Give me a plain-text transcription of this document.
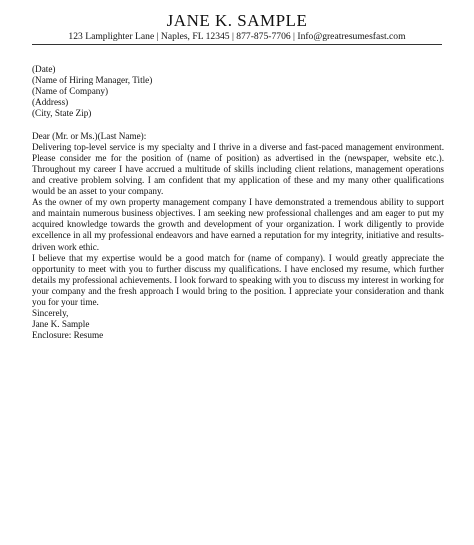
JANE K. SAMPLE
123 Lamplighter Lane | Naples, FL 12345 | 877-875-7706 | Info@greatresumesfast.com

(Date)

(Name of Hiring Manager, Title)

(Name of Company)

(Address)

(City, State Zip)

Dear (Mr. or Ms.)(Last Name):

Delivering top-level service is my specialty and I thrive in a diverse and fast-paced management environment. Please consider me for the position of (name of position) as advertised in the (newspaper, website etc.). Throughout my career I have accrued a multitude of skills including client relations, management operations and creative problem solving. I am confident that my application of these and my many other qualifications would be an asset to your company.

As the owner of my own property management company I have demonstrated a tremendous ability to support and maintain numerous business objectives. I am seeking new professional challenges and am eager to put my acquired knowledge towards the growth and development of your organization. I work diligently to provide excellence in all my professional endeavors and have earned a reputation for my integrity, initiative and results-driven work ethic.

I believe that my expertise would be a good match for (name of company). I would greatly appreciate the opportunity to meet with you to further discuss my qualifications. I have enclosed my resume, which further details my professional achievements. I look forward to speaking with you to discuss my interest in working for your company and the fresh approach I would bring to the position. I appreciate your consideration and thank you for your time.

Sincerely,

Jane K. Sample

Enclosure: Resume
